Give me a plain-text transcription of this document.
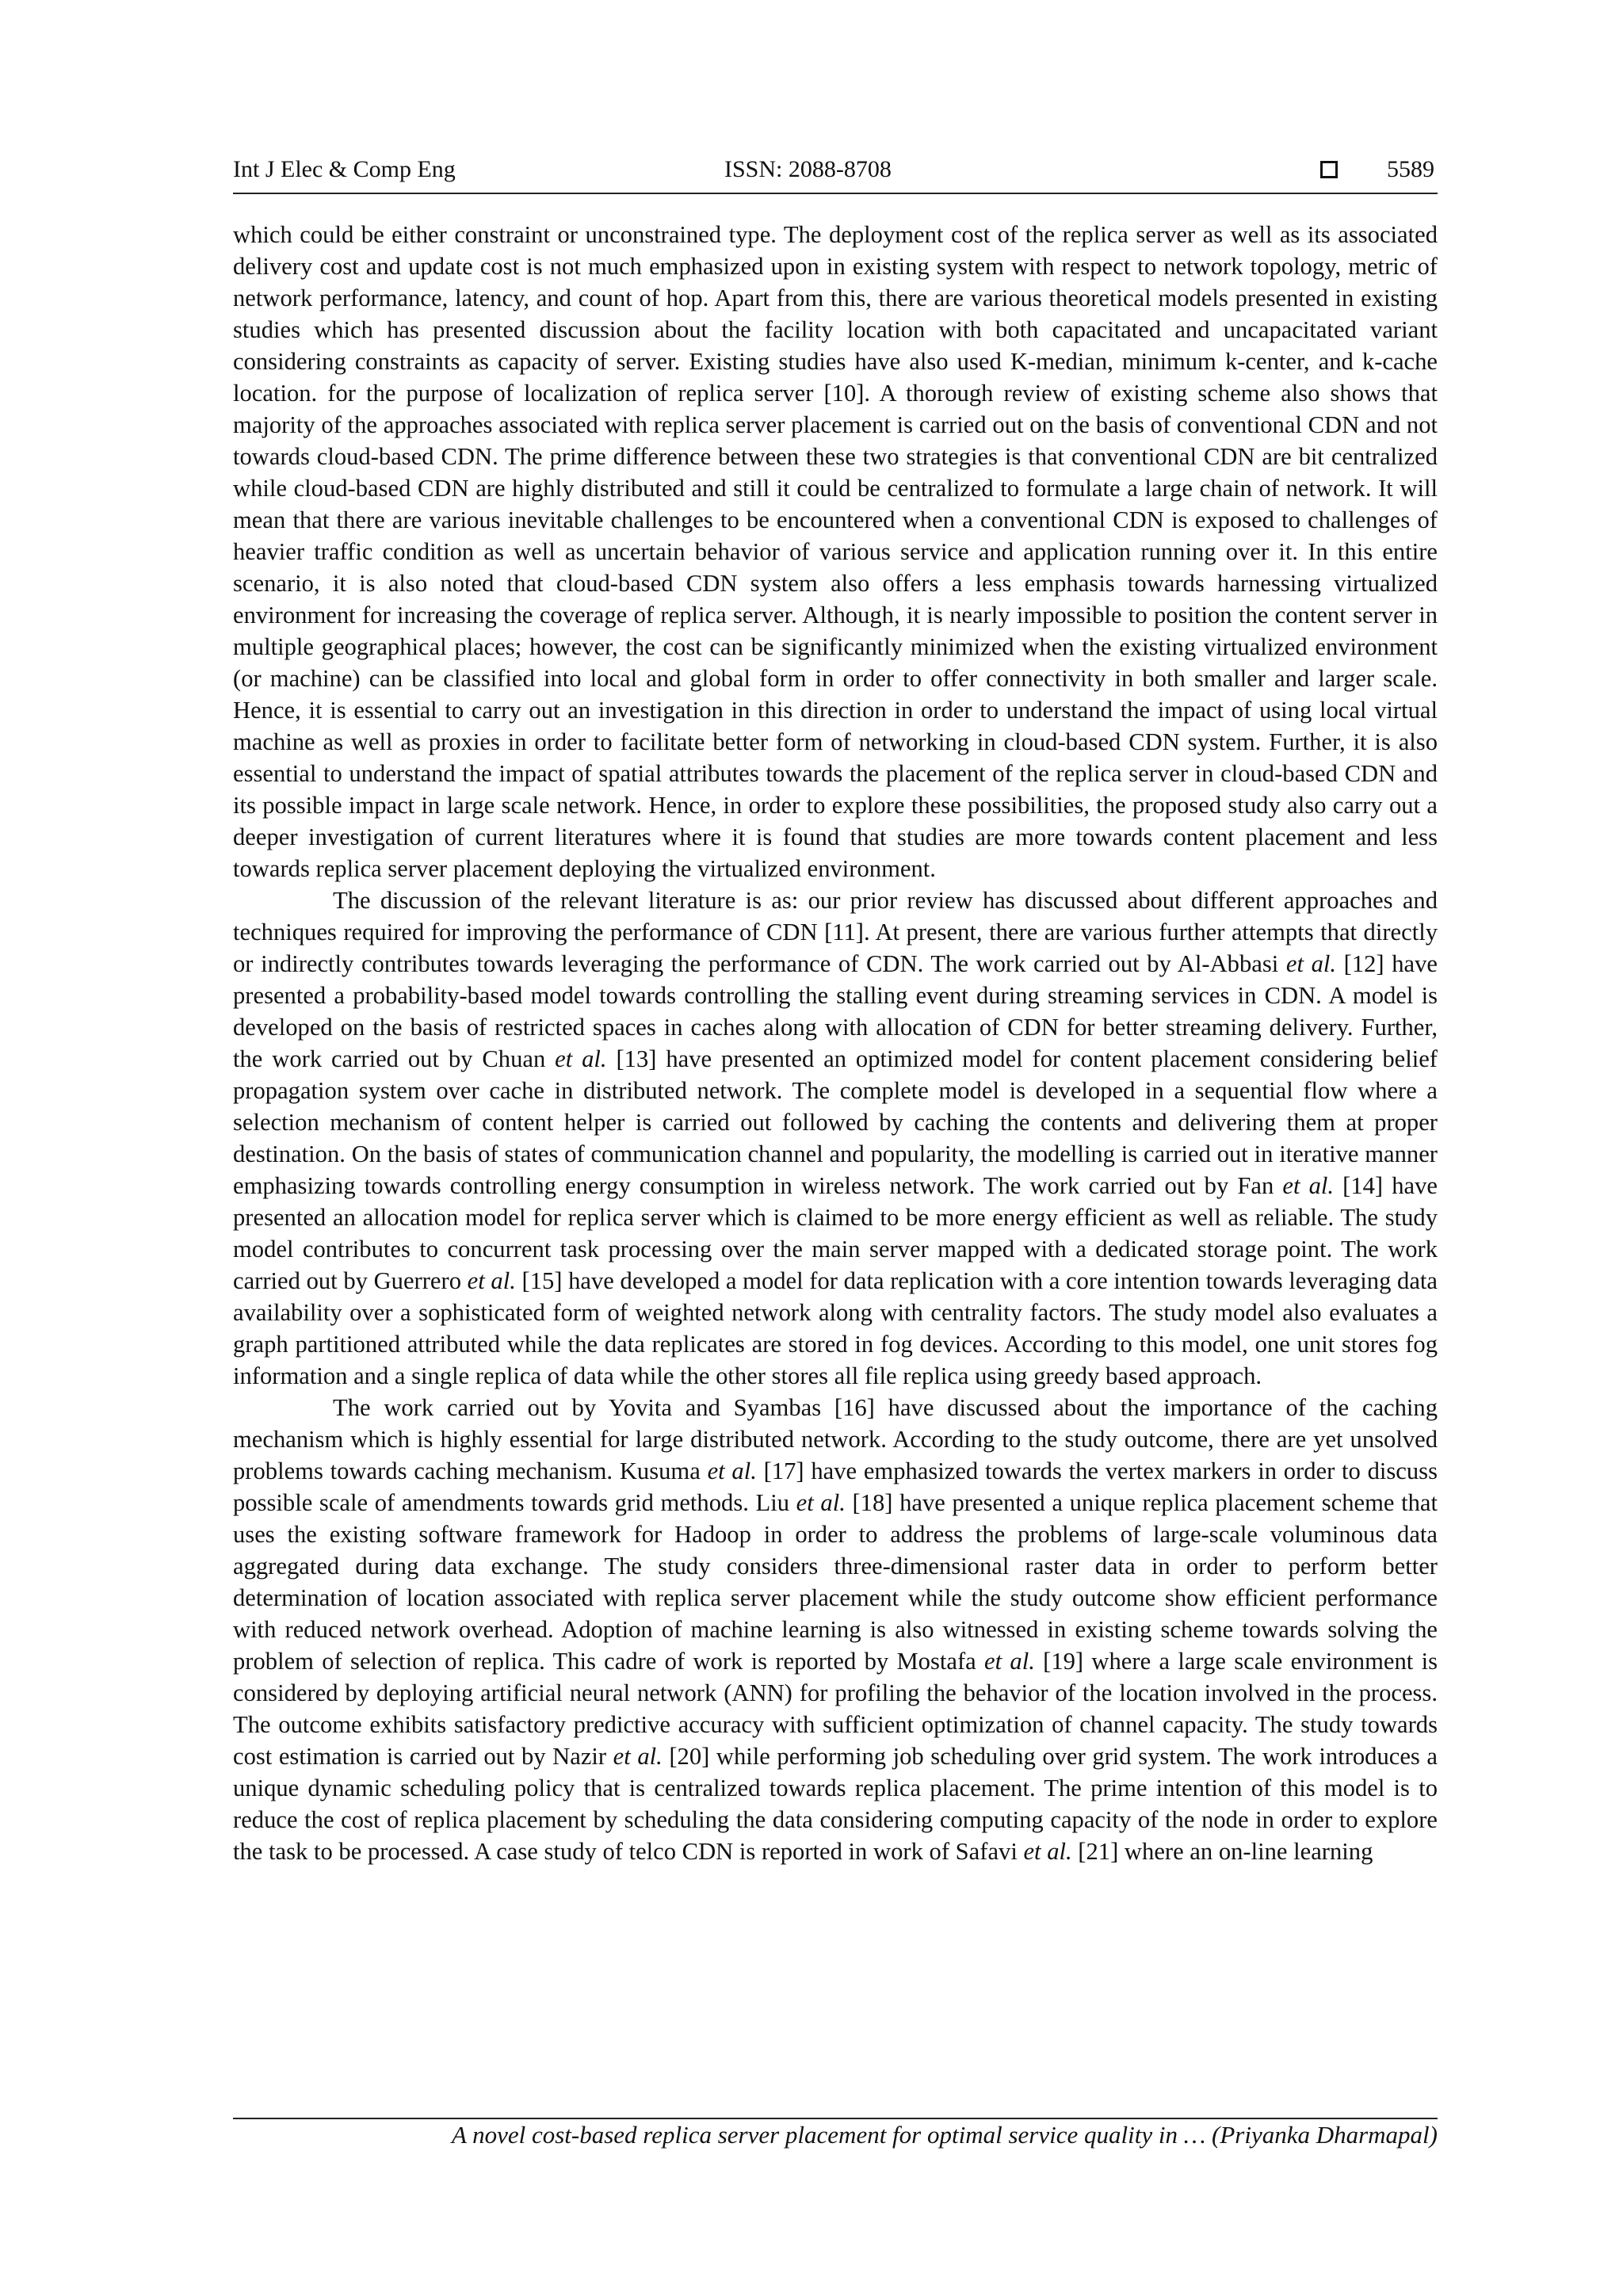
Int J Elec & Comp Eng	ISSN: 2088-8708	5589

which could be either constraint or unconstrained type. The deployment cost of the replica server as well as its associated delivery cost and update cost is not much emphasized upon in existing system with respect to network topology, metric of network performance, latency, and count of hop. Apart from this, there are various theoretical models presented in existing studies which has presented discussion about the facility location with both capacitated and uncapacitated variant considering constraints as capacity of server. Existing studies have also used K-median, minimum k-center, and k-cache location. for the purpose of localization of replica server [10]. A thorough review of existing scheme also shows that majority of the approaches associated with replica server placement is carried out on the basis of conventional CDN and not towards cloud-based CDN. The prime difference between these two strategies is that conventional CDN are bit centralized while cloud-based CDN are highly distributed and still it could be centralized to formulate a large chain of network. It will mean that there are various inevitable challenges to be encountered when a conventional CDN is exposed to challenges of heavier traffic condition as well as uncertain behavior of various service and application running over it. In this entire scenario, it is also noted that cloud-based CDN system also offers a less emphasis towards harnessing virtualized environment for increasing the coverage of replica server. Although, it is nearly impossible to position the content server in multiple geographical places; however, the cost can be significantly minimized when the existing virtualized environment (or machine) can be classified into local and global form in order to offer connectivity in both smaller and larger scale. Hence, it is essential to carry out an investigation in this direction in order to understand the impact of using local virtual machine as well as proxies in order to facilitate better form of networking in cloud-based CDN system. Further, it is also essential to understand the impact of spatial attributes towards the placement of the replica server in cloud-based CDN and its possible impact in large scale network. Hence, in order to explore these possibilities, the proposed study also carry out a deeper investigation of current literatures where it is found that studies are more towards content placement and less towards replica server placement deploying the virtualized environment.

The discussion of the relevant literature is as: our prior review has discussed about different approaches and techniques required for improving the performance of CDN [11]. At present, there are various further attempts that directly or indirectly contributes towards leveraging the performance of CDN. The work carried out by Al-Abbasi et al. [12] have presented a probability-based model towards controlling the stalling event during streaming services in CDN. A model is developed on the basis of restricted spaces in caches along with allocation of CDN for better streaming delivery. Further, the work carried out by Chuan et al. [13] have presented an optimized model for content placement considering belief propagation system over cache in distributed network. The complete model is developed in a sequential flow where a selection mechanism of content helper is carried out followed by caching the contents and delivering them at proper destination. On the basis of states of communication channel and popularity, the modelling is carried out in iterative manner emphasizing towards controlling energy consumption in wireless network. The work carried out by Fan et al. [14] have presented an allocation model for replica server which is claimed to be more energy efficient as well as reliable. The study model contributes to concurrent task processing over the main server mapped with a dedicated storage point. The work carried out by Guerrero et al. [15] have developed a model for data replication with a core intention towards leveraging data availability over a sophisticated form of weighted network along with centrality factors. The study model also evaluates a graph partitioned attributed while the data replicates are stored in fog devices. According to this model, one unit stores fog information and a single replica of data while the other stores all file replica using greedy based approach.

The work carried out by Yovita and Syambas [16] have discussed about the importance of the caching mechanism which is highly essential for large distributed network. According to the study outcome, there are yet unsolved problems towards caching mechanism. Kusuma et al. [17] have emphasized towards the vertex markers in order to discuss possible scale of amendments towards grid methods. Liu et al. [18] have presented a unique replica placement scheme that uses the existing software framework for Hadoop in order to address the problems of large-scale voluminous data aggregated during data exchange. The study considers three-dimensional raster data in order to perform better determination of location associated with replica server placement while the study outcome show efficient performance with reduced network overhead. Adoption of machine learning is also witnessed in existing scheme towards solving the problem of selection of replica. This cadre of work is reported by Mostafa et al. [19] where a large scale environment is considered by deploying artificial neural network (ANN) for profiling the behavior of the location involved in the process. The outcome exhibits satisfactory predictive accuracy with sufficient optimization of channel capacity. The study towards cost estimation is carried out by Nazir et al. [20] while performing job scheduling over grid system. The work introduces a unique dynamic scheduling policy that is centralized towards replica placement. The prime intention of this model is to reduce the cost of replica placement by scheduling the data considering computing capacity of the node in order to explore the task to be processed. A case study of telco CDN is reported in work of Safavi et al. [21] where an on-line learning

A novel cost-based replica server placement for optimal service quality in … (Priyanka Dharmapal)
